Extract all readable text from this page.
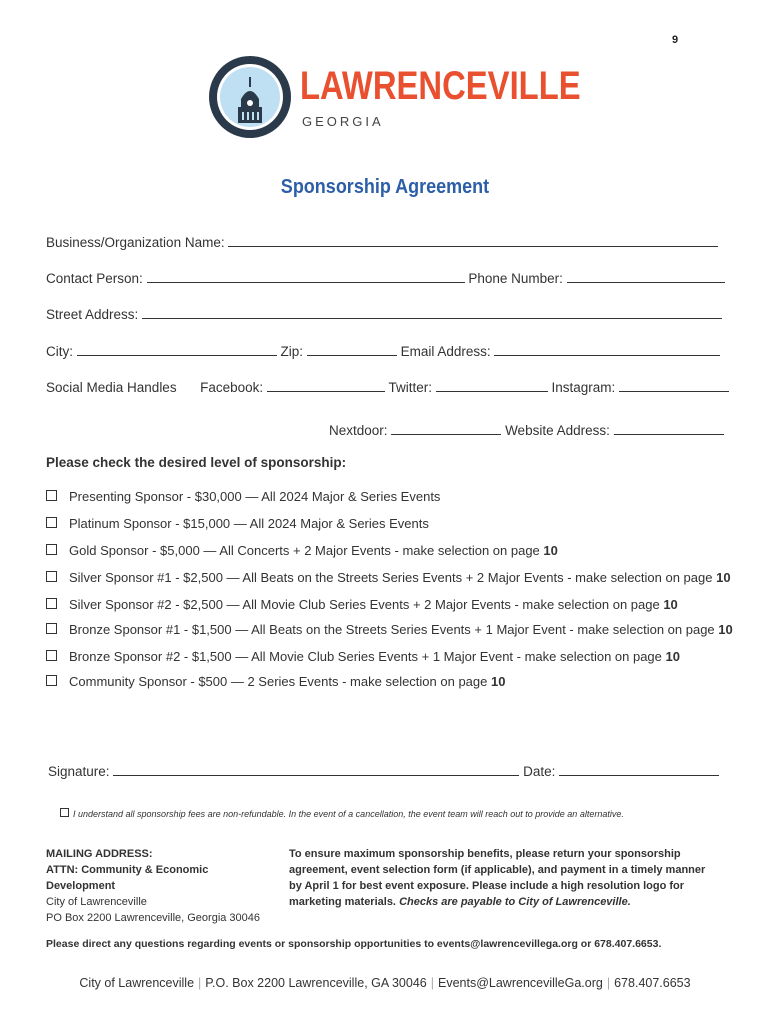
9
LAWRENCEVILLE
GEORGIA
Sponsorship Agreement
Business/Organization Name:
Contact Person:	Phone Number:
Street Address:
City:	Zip:	Email Address:
Social Media Handles Facebook:	Twitter:	Instagram:
Nextdoor:	Website Address:
Please check the desired level of sponsorship:
Presenting Sponsor - $30,000 — All 2024 Major & Series Events
Platinum Sponsor - $15,000 — All 2024 Major & Series Events
Gold Sponsor - $5,000 — All Concerts + 2 Major Events - make selection on page 10
Silver Sponsor #1 - $2,500 — All Beats on the Streets Series Events + 2 Major Events - make selection on page 10
Silver Sponsor #2 - $2,500 — All Movie Club Series Events + 2 Major Events - make selection on page 10
Bronze Sponsor #1 - $1,500 — All Beats on the Streets Series Events + 1 Major Event - make selection on page 10
Bronze Sponsor #2 - $1,500 — All Movie Club Series Events + 1 Major Event - make selection on page 10
Community Sponsor - $500 — 2 Series Events - make selection on page 10
Signature:	Date:
I understand all sponsorship fees are non-refundable. In the event of a cancellation, the event team will reach out to provide an alternative.
MAILING ADDRESS:
ATTN: Community & Economic Development
City of Lawrenceville
PO Box 2200 Lawrenceville, Georgia 30046
To ensure maximum sponsorship benefits, please return your sponsorship agreement, event selection form (if applicable), and payment in a timely manner by April 1 for best event exposure. Please include a high resolution logo for marketing materials. Checks are payable to City of Lawrenceville.
Please direct any questions regarding events or sponsorship opportunities to events@lawrencevillega.org or 678.407.6653.
City of Lawrenceville | P.O. Box 2200 Lawrenceville, GA 30046 | Events@LawrencevilleGa.org | 678.407.6653
